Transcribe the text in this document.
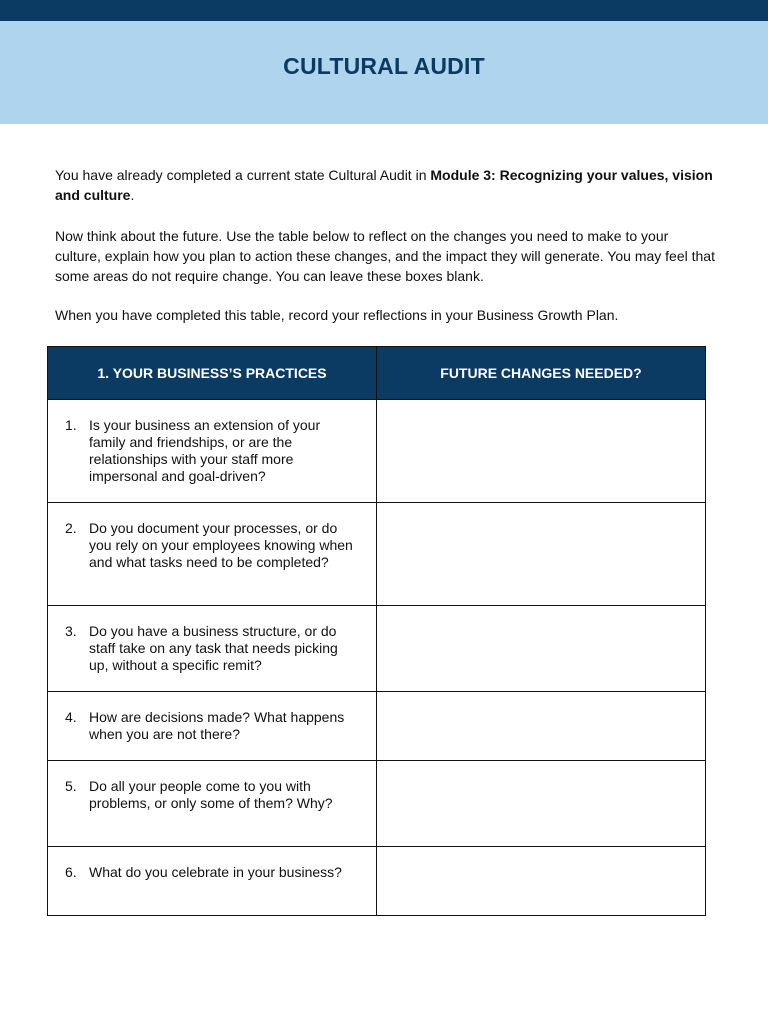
CULTURAL AUDIT

You have already completed a current state Cultural Audit in Module 3: Recognizing your values, vision and culture.

Now think about the future. Use the table below to reflect on the changes you need to make to your culture, explain how you plan to action these changes, and the impact they will generate. You may feel that some areas do not require change. You can leave these boxes blank.

When you have completed this table, record your reflections in your Business Growth Plan.

1. YOUR BUSINESS’S PRACTICES	FUTURE CHANGES NEEDED?

1. Is your business an extension of your family and friendships, or are the relationships with your staff more impersonal and goal-driven?	

2. Do you document your processes, or do you rely on your employees knowing when and what tasks need to be completed?	

3. Do you have a business structure, or do staff take on any task that needs picking up, without a specific remit?	

4. How are decisions made? What happens when you are not there?	

5. Do all your people come to you with problems, or only some of them? Why?	

6. What do you celebrate in your business?	
